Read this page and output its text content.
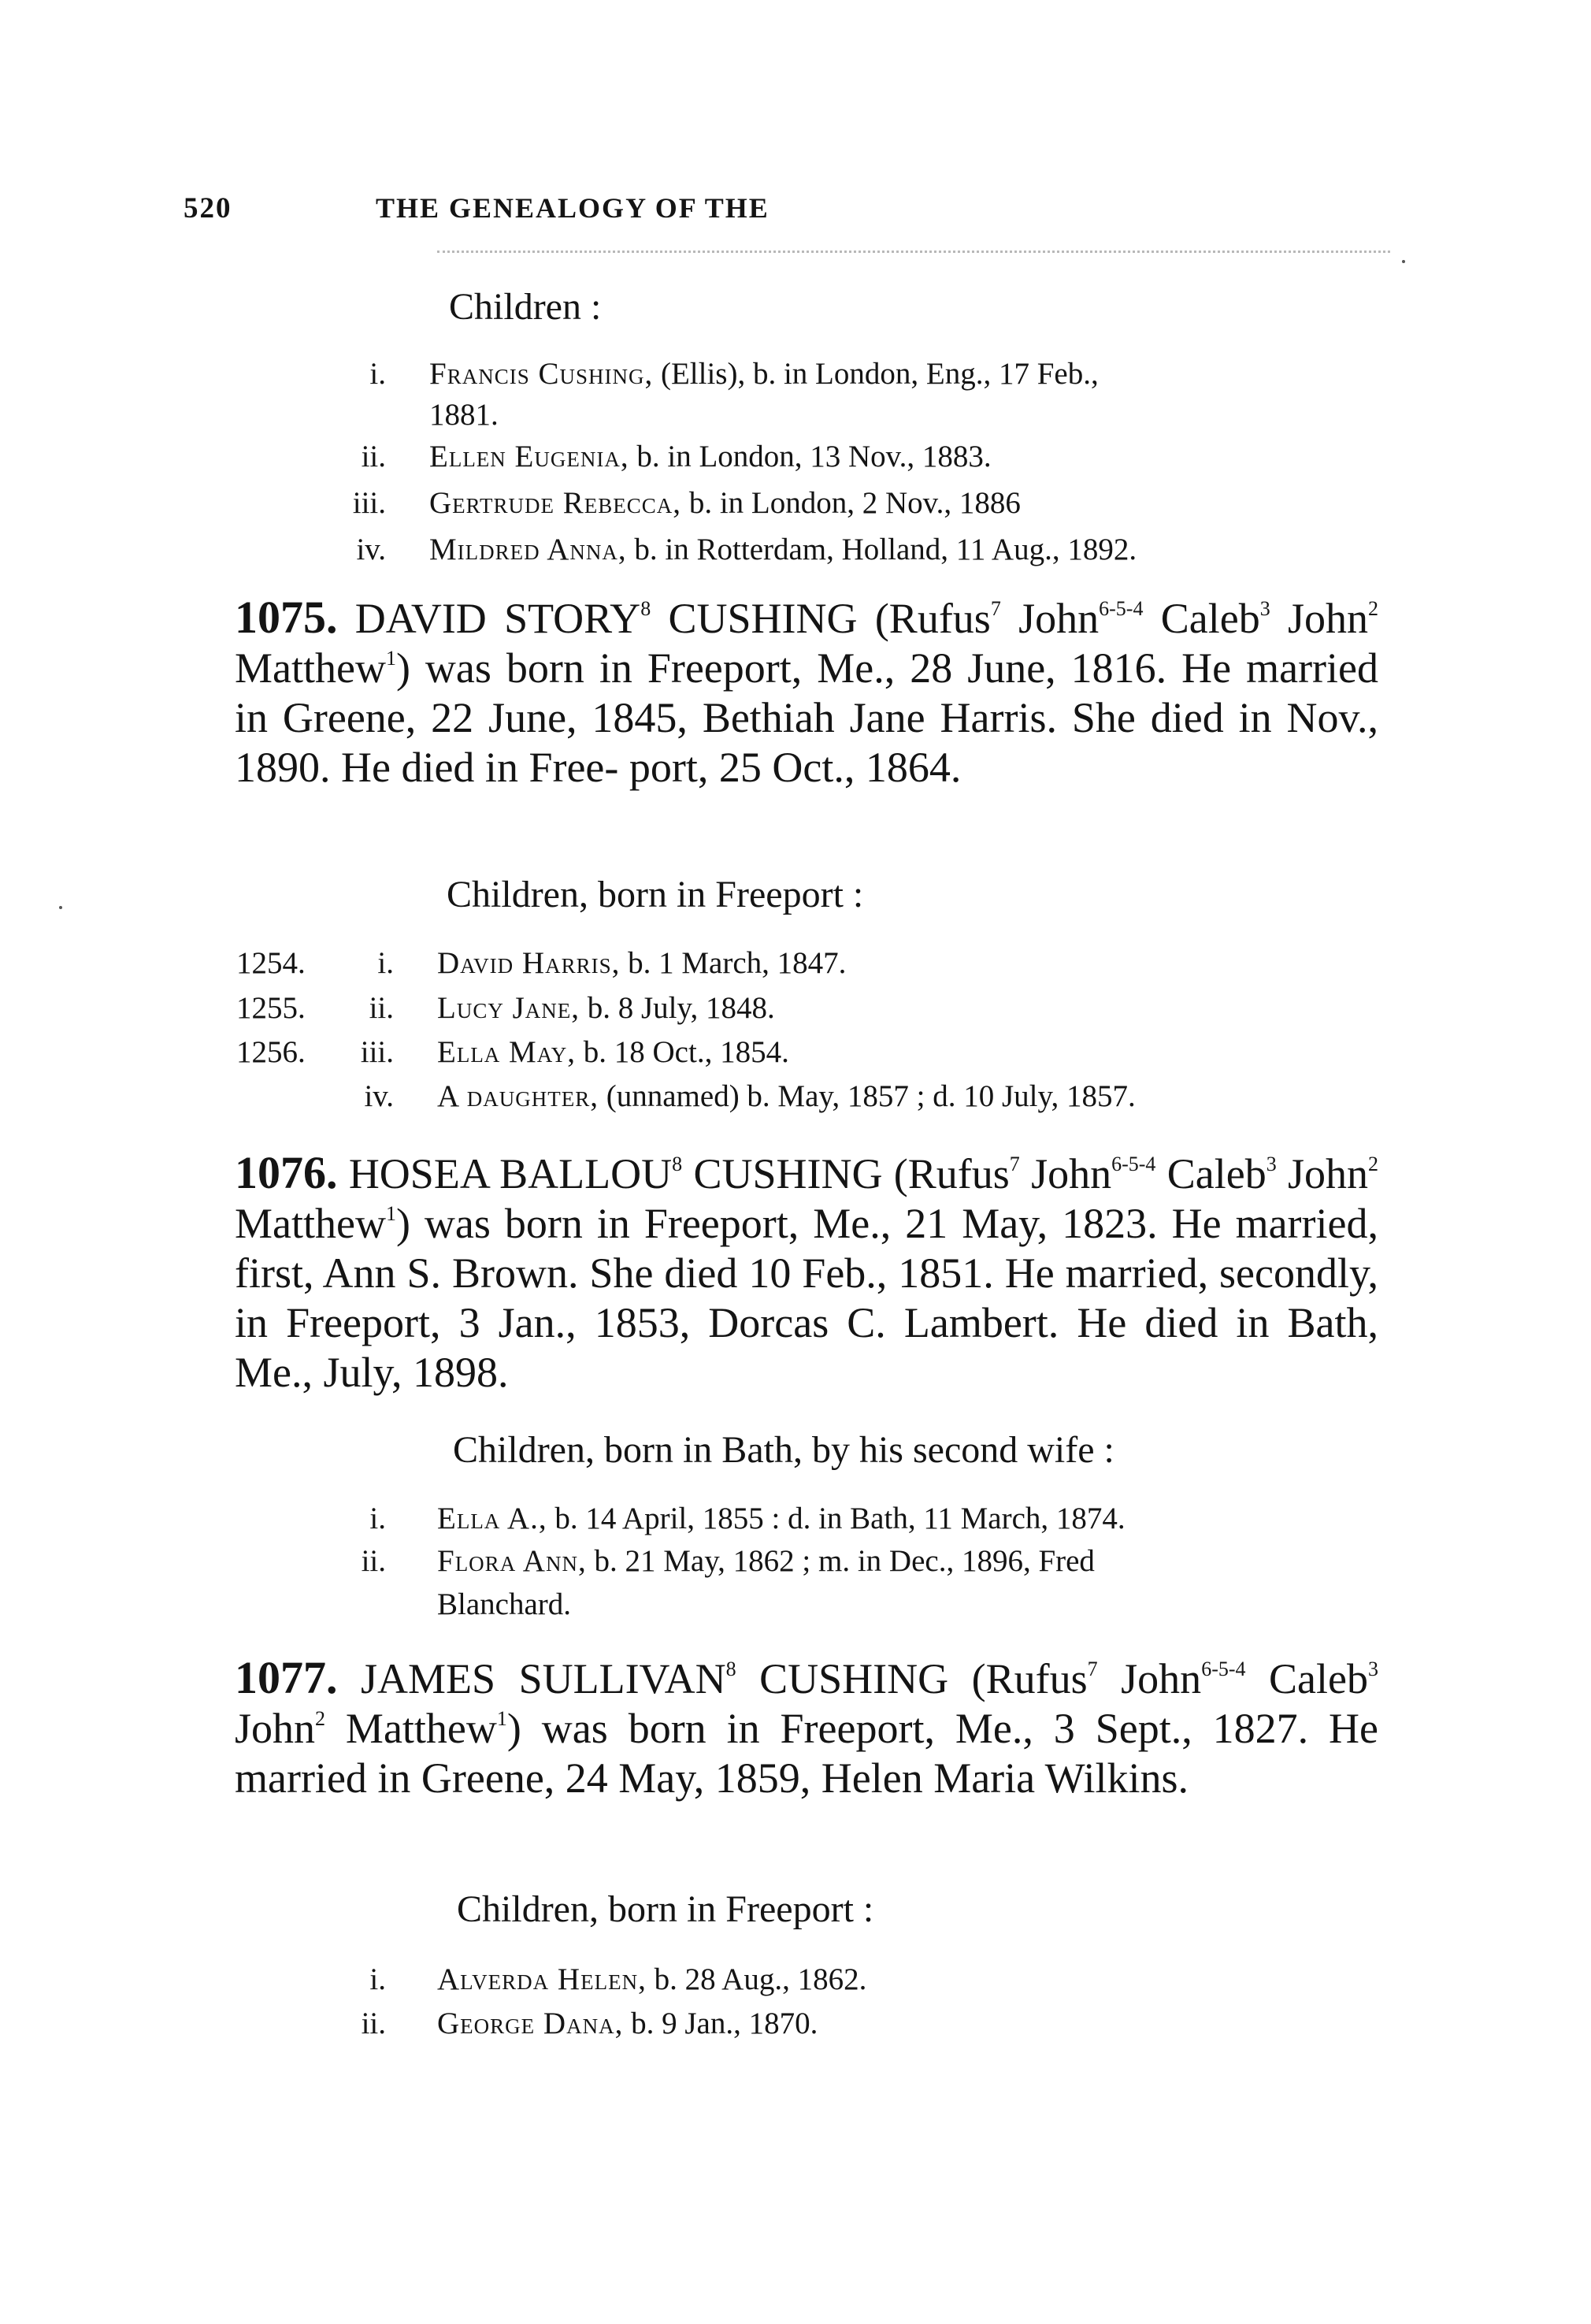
520	THE GENEALOGY OF THE
Children :
i. Francis Cushing, (Ellis), b. in London, Eng., 17 Feb.,
1881.
ii. Ellen Eugenia, b. in London, 13 Nov., 1883.
iii. Gertrude Rebecca, b. in London, 2 Nov., 1886
iv. Mildred Anna, b. in Rotterdam, Holland, 11 Aug., 1892.

1075. DAVID STORY$^8$ CUSHING (Rufus$^7$ John$^{6-5-4}$ Caleb$^3$ John$^2$ Matthew$^1$) was born in Freeport, Me., 28 June, 1816. He married in Greene, 22 June, 1845, Bethiah Jane Harris. She died in Nov., 1890. He died in Free- port, 25 Oct., 1864.

Children, born in Freeport :
1254.	i. David Harris, b. 1 March, 1847.
1255.	ii. Lucy Jane, b. 8 July, 1848.
1256.	iii. Ella May, b. 18 Oct., 1854.
iv. A daughter, (unnamed) b. May, 1857 ; d. 10 July, 1857.

1076. HOSEA BALLOU$^8$ CUSHING (Rufus$^7$ John$^{6-5-4}$ Caleb$^3$ John$^2$ Matthew$^1$) was born in Freeport, Me., 21 May, 1823. He married, first, Ann S. Brown. She died 10 Feb., 1851. He married, secondly, in Freeport, 3 Jan., 1853, Dorcas C. Lambert. He died in Bath, Me., July, 1898.

Children, born in Bath, by his second wife :
i. Ella A., b. 14 April, 1855 : d. in Bath, 11 March, 1874.
ii. Flora Ann, b. 21 May, 1862 ; m. in Dec., 1896, Fred
Blanchard.

1077. JAMES SULLIVAN$^8$ CUSHING (Rufus$^7$ John$^{6-5-4}$ Caleb$^3$ John$^2$ Matthew$^1$) was born in Freeport, Me., 3 Sept., 1827. He married in Greene, 24 May, 1859, Helen Maria Wilkins.

Children, born in Freeport :
i. Alverda Helen, b. 28 Aug., 1862.
ii. George Dana, b. 9 Jan., 1870.
